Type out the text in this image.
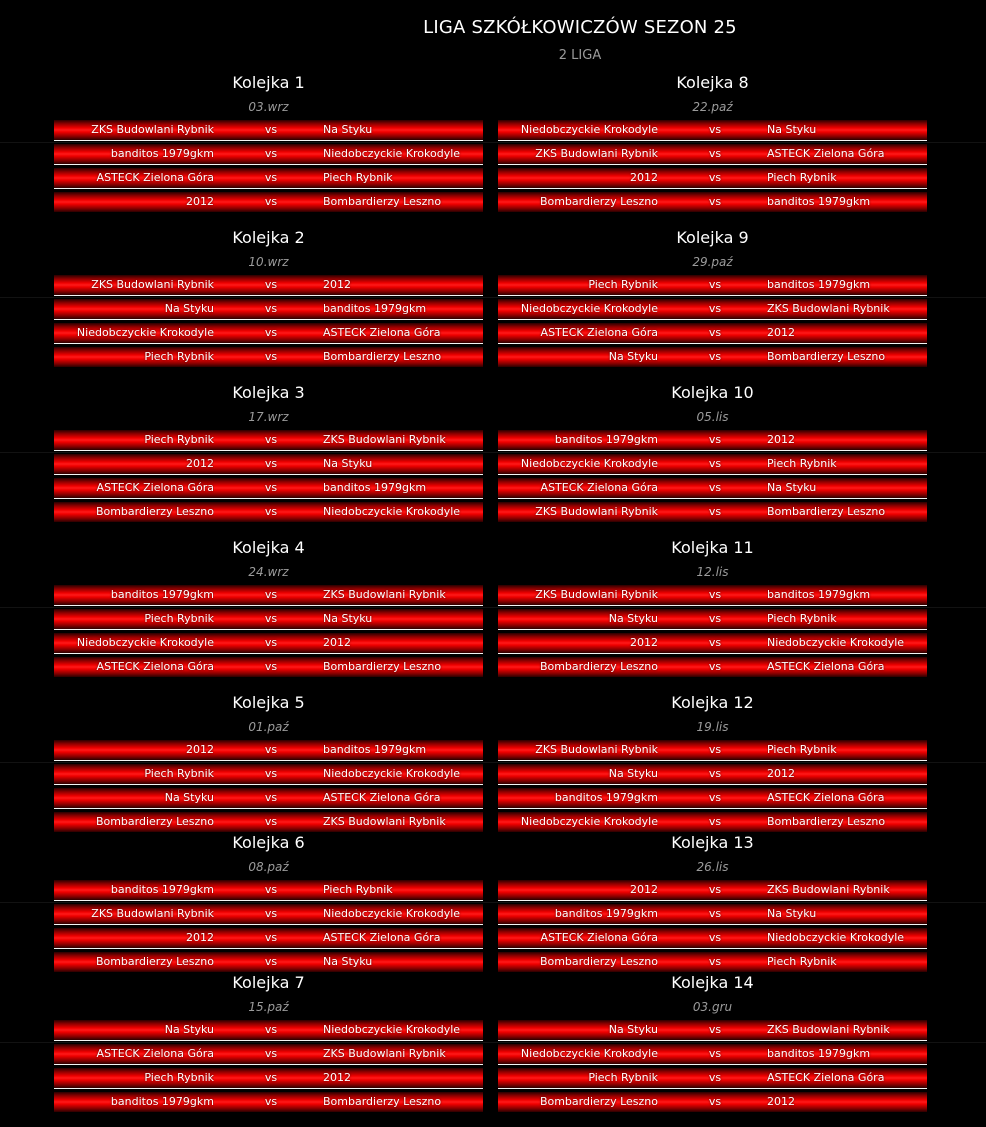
LIGA SZKÓŁKOWICZÓW SEZON 25
2 LIGA
Kolejka 1
03.wrz
ZKS Budowlani Rybnik	vs	Na Styku
banditos 1979gkm	vs	Niedobczyckie Krokodyle
ASTECK Zielona Góra	vs	Piech Rybnik
2012	vs	Bombardierzy Leszno
Kolejka 8
22.paź
Niedobczyckie Krokodyle	vs	Na Styku
ZKS Budowlani Rybnik	vs	ASTECK Zielona Góra
2012	vs	Piech Rybnik
Bombardierzy Leszno	vs	banditos 1979gkm
Kolejka 2
10.wrz
ZKS Budowlani Rybnik	vs	2012
Na Styku	vs	banditos 1979gkm
Niedobczyckie Krokodyle	vs	ASTECK Zielona Góra
Piech Rybnik	vs	Bombardierzy Leszno
Kolejka 9
29.paź
Piech Rybnik	vs	banditos 1979gkm
Niedobczyckie Krokodyle	vs	ZKS Budowlani Rybnik
ASTECK Zielona Góra	vs	2012
Na Styku	vs	Bombardierzy Leszno
Kolejka 3
17.wrz
Piech Rybnik	vs	ZKS Budowlani Rybnik
2012	vs	Na Styku
ASTECK Zielona Góra	vs	banditos 1979gkm
Bombardierzy Leszno	vs	Niedobczyckie Krokodyle
Kolejka 10
05.lis
banditos 1979gkm	vs	2012
Niedobczyckie Krokodyle	vs	Piech Rybnik
ASTECK Zielona Góra	vs	Na Styku
ZKS Budowlani Rybnik	vs	Bombardierzy Leszno
Kolejka 4
24.wrz
banditos 1979gkm	vs	ZKS Budowlani Rybnik
Piech Rybnik	vs	Na Styku
Niedobczyckie Krokodyle	vs	2012
ASTECK Zielona Góra	vs	Bombardierzy Leszno
Kolejka 11
12.lis
ZKS Budowlani Rybnik	vs	banditos 1979gkm
Na Styku	vs	Piech Rybnik
2012	vs	Niedobczyckie Krokodyle
Bombardierzy Leszno	vs	ASTECK Zielona Góra
Kolejka 5
01.paź
2012	vs	banditos 1979gkm
Piech Rybnik	vs	Niedobczyckie Krokodyle
Na Styku	vs	ASTECK Zielona Góra
Bombardierzy Leszno	vs	ZKS Budowlani Rybnik
Kolejka 12
19.lis
ZKS Budowlani Rybnik	vs	Piech Rybnik
Na Styku	vs	2012
banditos 1979gkm	vs	ASTECK Zielona Góra
Niedobczyckie Krokodyle	vs	Bombardierzy Leszno
Kolejka 6
08.paź
banditos 1979gkm	vs	Piech Rybnik
ZKS Budowlani Rybnik	vs	Niedobczyckie Krokodyle
2012	vs	ASTECK Zielona Góra
Bombardierzy Leszno	vs	Na Styku
Kolejka 13
26.lis
2012	vs	ZKS Budowlani Rybnik
banditos 1979gkm	vs	Na Styku
ASTECK Zielona Góra	vs	Niedobczyckie Krokodyle
Bombardierzy Leszno	vs	Piech Rybnik
Kolejka 7
15.paź
Na Styku	vs	Niedobczyckie Krokodyle
ASTECK Zielona Góra	vs	ZKS Budowlani Rybnik
Piech Rybnik	vs	2012
banditos 1979gkm	vs	Bombardierzy Leszno
Kolejka 14
03.gru
Na Styku	vs	ZKS Budowlani Rybnik
Niedobczyckie Krokodyle	vs	banditos 1979gkm
Piech Rybnik	vs	ASTECK Zielona Góra
Bombardierzy Leszno	vs	2012
